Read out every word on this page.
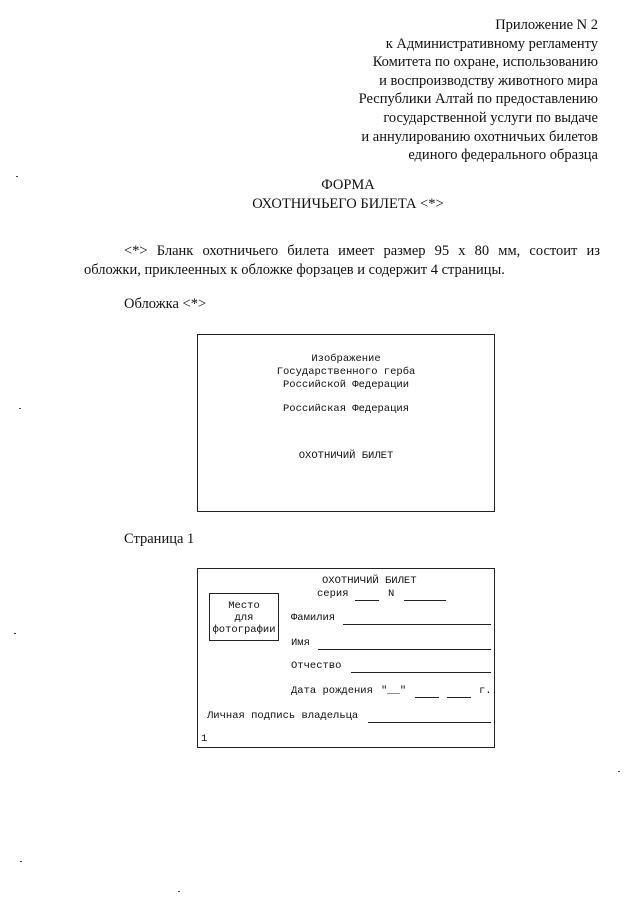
Приложение N 2
к Административному регламенту
Комитета по охране, использованию
и воспроизводству животного мира
Республики Алтай по предоставлению
государственной услуги по выдаче
и аннулированию охотничьих билетов
единого федерального образца
ФОРМА
ОХОТНИЧЬЕГО БИЛЕТА <*>
<*> Бланк охотничьего билета имеет размер 95 х 80 мм, состоит из
обложки, приклеенных к обложке форзацев и содержит 4 страницы.
Обложка <*>
Изображение
Государственного герба
Российской Федерации
Российская Федерация
ОХОТНИЧИЙ БИЛЕТ
Страница 1
ОХОТНИЧИЙ БИЛЕТ
серия	N
Место
для
фотографии
Фамилия
Имя
Отчество
Дата рождения "__"	г.
Личная подпись владельца
1
